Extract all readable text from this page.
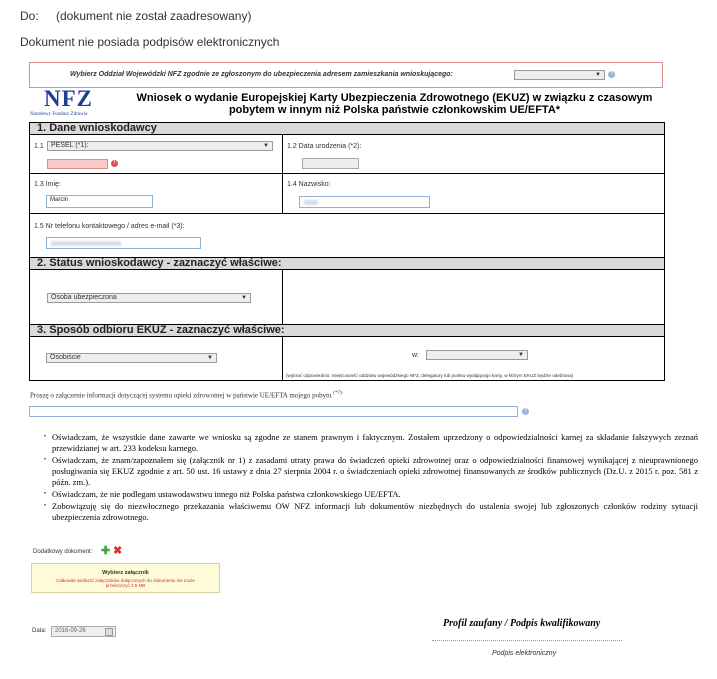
Do: (dokument nie został zaadresowany)
Dokument nie posiada podpisów elektronicznych
Wybierz Oddział Wojewódzki NFZ zgodnie ze zgłoszonym do ubezpieczenia adresem zamieszkania wnioskującego:	▼	?
NFZ
Narodowy Fundusz Zdrowia
Wniosek o wydanie Europejskiej Karty Ubezpieczenia Zdrowotnego (EKUZ) w związku z czasowym
pobytem w innym niż Polska państwie członkowskim UE/EFTA*
1. Dane wnioskodawcy
1.1	PESEL (*1):	▼
!
1.2 Data urodzenia (*2):
1.3 Imię:
Marcin
1.4 Nazwisko:
1.5 Nr telefonu kontaktowego / adres e-mail (*3):
2. Status wnioskodawcy - zaznaczyć właściwe:
Osoba ubezpieczona	▼
3. Sposób odbioru EKUZ - zaznaczyć właściwe:
Osobiście	▼	w:	▼
(wybrać odpowiednio: miejscowość oddziału wojewódzkiego NFZ, delegatury lub punktu wydającego karty, w którym EKUZ będzie odebrana)
Proszę o załączenie informacji dotyczącej systemu opieki zdrowotnej w państwie UE/EFTA mojego pobytu $^{(*7):}$
?
• Oświadczam, że wszystkie dane zawarte we wniosku są zgodne ze stanem prawnym i faktycznym. Zostałem uprzedzony o odpowiedzialności karnej za składanie fałszywych zeznań przewidzianej w art. 233 kodeksu karnego.
• Oświadczam, że znam/zapoznałem się (załącznik nr 1) z zasadami utraty prawa do świadczeń opieki zdrowotnej oraz o odpowiedzialności finansowej wynikającej z nieuprawnionego posługiwania się EKUZ zgodnie z art. 50 ust. 16 ustawy z dnia 27 sierpnia 2004 r. o świadczeniach opieki zdrowotnej finansowanych ze środków publicznych (Dz.U. z 2015 r. poz. 581 z późn. zm.).
• Oświadczam, że nie podlegam ustawodawstwu innego niż Polska państwa członkowskiego UE/EFTA.
• Zobowiązuję się do niezwłocznego przekazania właściwemu OW NFZ informacji lub dokumentów niezbędnych do ustalenia swojej lub zgłoszonych członków rodziny sytuacji ubezpieczenia zdrowotnego.
Dodatkowy dokument: ✚ ✖
Wybierz załącznik
Całkowita wielkość załączników dołączonych do dokumentu nie może przekroczyć 3.5 MB
Data:	2016-09-26
Profil zaufany / Podpis kwalifikowany
Podpis elektroniczny
